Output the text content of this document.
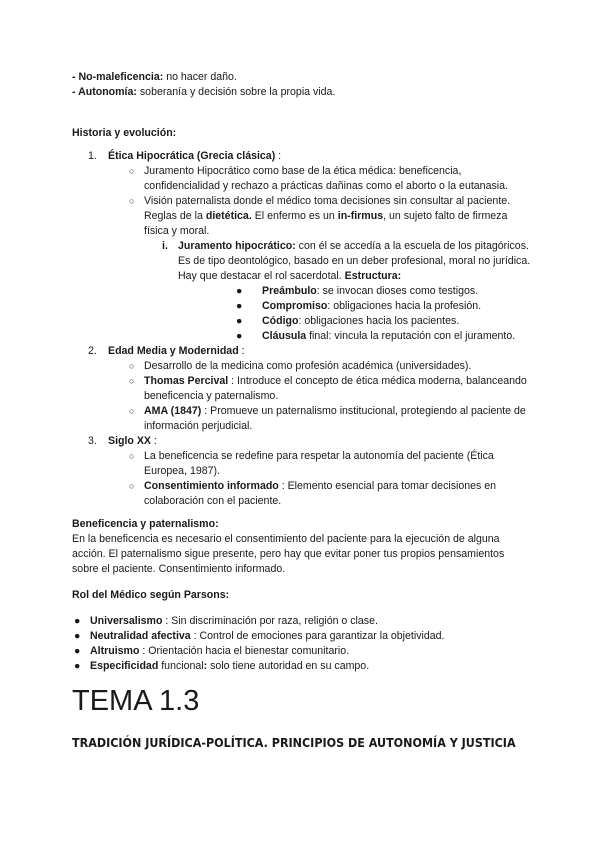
- No-maleficencia: no hacer daño.

- Autonomía: soberanía y decisión sobre la propia vida.

Historia y evolución:

1. Ética Hipocrática (Grecia clásica) :
○ Juramento Hipocrático como base de la ética médica: beneficencia, confidencialidad y rechazo a prácticas dañinas como el aborto o la eutanasia.
○ Visión paternalista donde el médico toma decisiones sin consultar al paciente. Reglas de la dietética. El enfermo es un in-firmus, un sujeto falto de firmeza física y moral.
i. Juramento hipocrático: con él se accedía a la escuela de los pitagóricos. Es de tipo deontológico, basado en un deber profesional, moral no jurídica. Hay que destacar el rol sacerdotal. Estructura:
● Preámbulo: se invocan dioses como testigos.
● Compromiso: obligaciones hacia la profesión.
● Código: obligaciones hacia los pacientes.
● Cláusula final: vincula la reputación con el juramento.
2. Edad Media y Modernidad :
○ Desarrollo de la medicina como profesión académica (universidades).
○ Thomas Percival : Introduce el concepto de ética médica moderna, balanceando beneficencia y paternalismo.
○ AMA (1847) : Promueve un paternalismo institucional, protegiendo al paciente de información perjudicial.
3. Siglo XX :
○ La beneficencia se redefine para respetar la autonomía del paciente (Ética Europea, 1987).
○ Consentimiento informado : Elemento esencial para tomar decisiones en colaboración con el paciente.

Beneficencia y paternalismo:

En la beneficencia es necesario el consentimiento del paciente para la ejecución de alguna acción. El paternalismo sigue presente, pero hay que evitar poner tus propios pensamientos sobre el paciente. Consentimiento informado.

Rol del Médico según Parsons:

● Universalismo : Sin discriminación por raza, religión o clase.
● Neutralidad afectiva : Control de emociones para garantizar la objetividad.
● Altruismo : Orientación hacia el bienestar comunitario.
● Especificidad funcional: solo tiene autoridad en su campo.

TEMA 1.3

TRADICIÓN JURÍDICA-POLÍTICA. PRINCIPIOS DE AUTONOMÍA Y JUSTICIA
